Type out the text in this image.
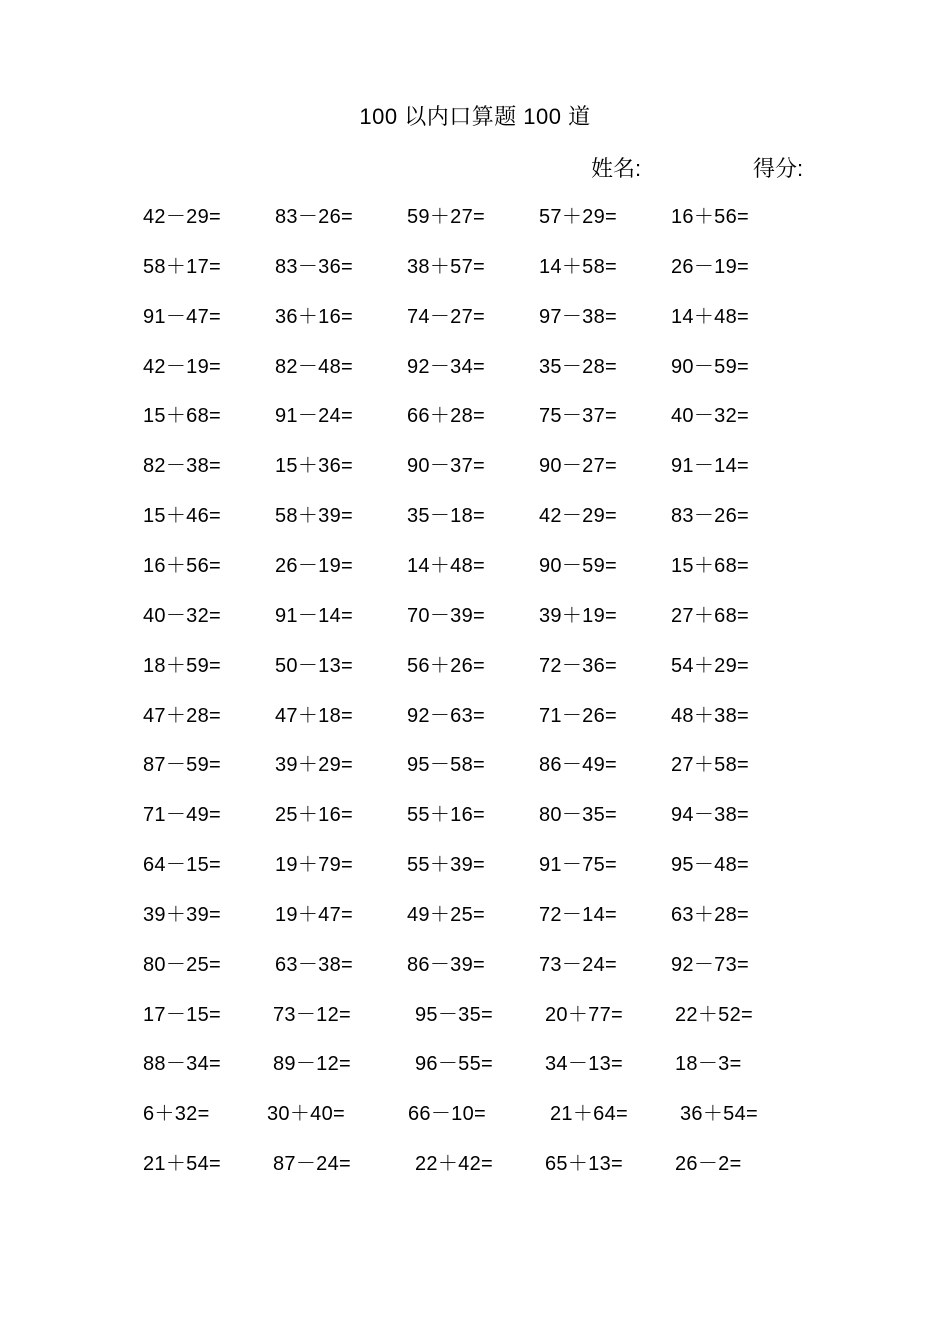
100 以内口算题 100 道
姓名:	得分:
42－29=	83－26=	59＋27=	57＋29=	16＋56=
58＋17=	83－36=	38＋57=	14＋58=	26－19=
91－47=	36＋16=	74－27=	97－38=	14＋48=
42－19=	82－48=	92－34=	35－28=	90－59=
15＋68=	91－24=	66＋28=	75－37=	40－32=
82－38=	15＋36=	90－37=	90－27=	91－14=
15＋46=	58＋39=	35－18=	42－29=	83－26=
16＋56=	26－19=	14＋48=	90－59=	15＋68=
40－32=	91－14=	70－39=	39＋19=	27＋68=
18＋59=	50－13=	56＋26=	72－36=	54＋29=
47＋28=	47＋18=	92－63=	71－26=	48＋38=
87－59=	39＋29=	95－58=	86－49=	27＋58=
71－49=	25＋16=	55＋16=	80－35=	94－38=
64－15=	19＋79=	55＋39=	91－75=	95－48=
39＋39=	19＋47=	49＋25=	72－14=	63＋28=
80－25=	63－38=	86－39=	73－24=	92－73=
17－15=	73－12=	95－35=	20＋77=	22＋52=
88－34=	89－12=	96－55=	34－13=	18－3=
6＋32=	30＋40=	66－10=	21＋64=	36＋54=
21＋54=	87－24=	22＋42=	65＋13=	26－2=
